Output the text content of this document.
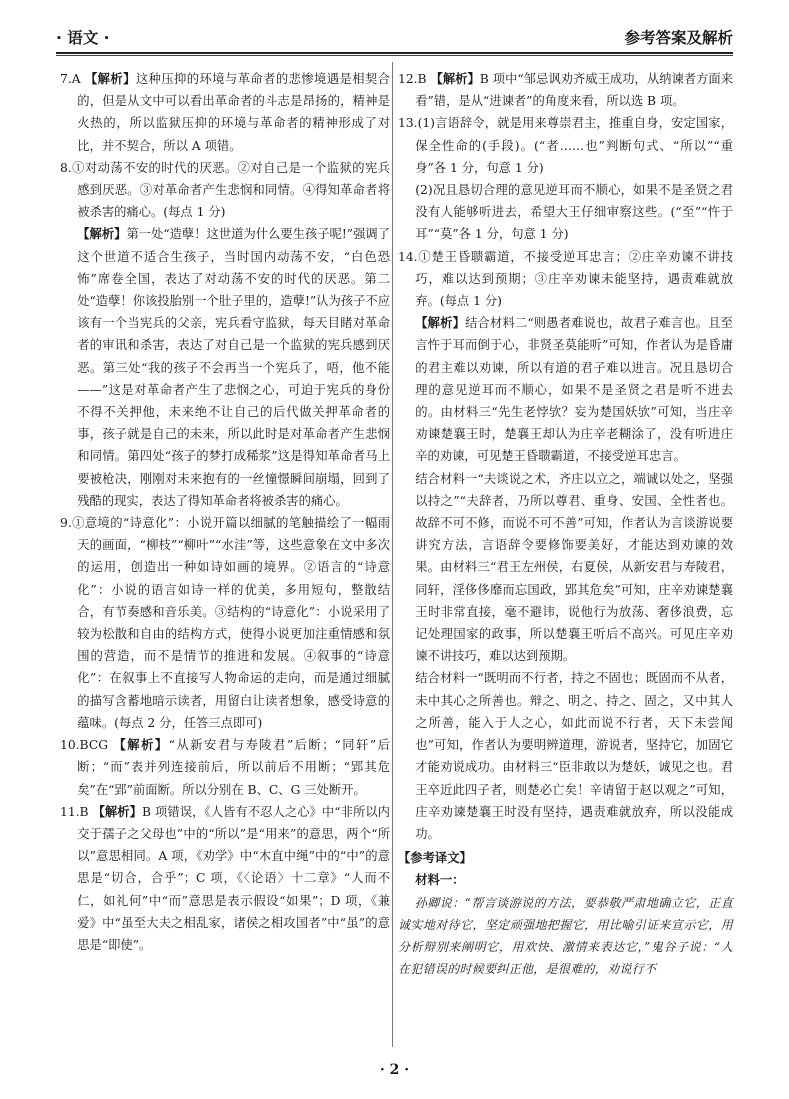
· 语文 ·	参考答案及解析

7.A 【解析】这种压抑的环境与革命者的悲惨境遇是相契合的，但是从文中可以看出革命者的斗志是昂扬的，精神是火热的，所以监狱压抑的环境与革命者的精神形成了对比，并不契合，所以 A 项错。

8.①对动荡不安的时代的厌恶。②对自己是一个监狱的宪兵感到厌恶。③对革命者产生悲悯和同情。④得知革命者将被杀害的痛心。(每点 1 分)

【解析】第一处“造孽！这世道为什么要生孩子呢!”强调了这个世道不适合生孩子，当时国内动荡不安，“白色恐怖”席卷全国，表达了对动荡不安的时代的厌恶。第二处“造孽！你该投胎别一个肚子里的，造孽!”认为孩子不应该有一个当宪兵的父亲，宪兵看守监狱，每天目睹对革命者的审讯和杀害，表达了对自己是一个监狱的宪兵感到厌恶。第三处“我的孩子不会再当一个宪兵了，唔，他不能——”这是对革命者产生了悲悯之心，可迫于宪兵的身份不得不关押他，未来绝不让自己的后代做关押革命者的事，孩子就是自己的未来，所以此时是对革命者产生悲悯和同情。第四处“孩子的梦打成稀浆”这是得知革命者马上要被枪决，刚刚对未来抱有的一丝憧憬瞬间崩塌，回到了残酷的现实，表达了得知革命者将被杀害的痛心。

9.①意境的“诗意化”：小说开篇以细腻的笔触描绘了一幅雨天的画面，“柳枝”“柳叶”“水洼”等，这些意象在文中多次的运用，创造出一种如诗如画的境界。②语言的“诗意化”：小说的语言如诗一样的优美，多用短句，整散结合，有节奏感和音乐美。③结构的“诗意化”：小说采用了较为松散和自由的结构方式，使得小说更加注重情感和氛围的营造，而不是情节的推进和发展。④叙事的“诗意化”：在叙事上不直接写人物命运的走向，而是通过细腻的描写含蓄地暗示读者，用留白让读者想象，感受诗意的蕴味。(每点 2 分，任答三点即可)

10.BCG 【解析】“从新安君与寿陵君”后断；“同轩”后断；“而”表并列连接前后，所以前后不用断；“郢其危矣”在“郢”前面断。所以分别在 B、C、G 三处断开。

11.B 【解析】B 项错误，《人皆有不忍人之心》中“非所以内交于孺子之父母也”中的“所以”是“用来”的意思，两个“所以”意思相同。A 项，《劝学》中“木直中绳”中的“中”的意思是“切合，合乎”；C 项，《〈论语〉十二章》“人而不仁，如礼何”中“而”意思是表示假设“如果”；D 项，《兼爱》中“虽至大夫之相乱家，诸侯之相攻国者”中“虽”的意思是“即使”。

12.B 【解析】B 项中“邹忌讽劝齐威王成功，从纳谏者方面来看”错，是从“进谏者”的角度来看，所以选 B 项。

13.(1)言语辞令，就是用来尊崇君主，推重自身，安定国家，保全性命的(手段)。(“者……也”判断句式、“所以”“重身”各 1 分，句意 1 分)

(2)况且恳切合理的意见逆耳而不顺心，如果不是圣贤之君没有人能够听进去，希望大王仔细审察这些。(“至”“忤于耳”“莫”各 1 分，句意 1 分)

14.①楚王昏聩霸道，不接受逆耳忠言；②庄辛劝谏不讲技巧，难以达到预期；③庄辛劝谏未能坚持，遇责难就放弃。(每点 1 分)

【解析】结合材料二“则愚者难说也，故君子难言也。且至言忤于耳而倒于心，非贤圣莫能听”可知，作者认为是昏庸的君主难以劝谏，所以有道的君子难以进言。况且恳切合理的意见逆耳而不顺心，如果不是圣贤之君是听不进去的。由材料三“先生老悖欤？妄为楚国妖欤”可知，当庄辛劝谏楚襄王时，楚襄王却认为庄辛老糊涂了，没有听进庄辛的劝谏，可见楚王昏聩霸道，不接受逆耳忠言。

结合材料一“夫谈说之术，齐庄以立之，端诚以处之，坚强以持之”“夫辞者，乃所以尊君、重身、安国、全性者也。故辞不可不修，而说不可不善”可知，作者认为言谈游说要讲究方法，言语辞令要修饰要美好，才能达到劝谏的效果。由材料三“君王左州侯，右夏侯，从新安君与寿陵君，同轩，淫侈侈靡而忘国政，郢其危矣”可知，庄辛劝谏楚襄王时非常直接，毫不避讳，说他行为放荡、奢侈浪费，忘记处理国家的政事，所以楚襄王听后不高兴。可见庄辛劝谏不讲技巧，难以达到预期。

结合材料一“既明而不行者，持之不固也；既固而不从者，未中其心之所善也。辩之、明之、持之、固之，又中其人之所善，能入于人之心，如此而说不行者，天下未尝闻也”可知，作者认为要明辨道理，游说者，坚持它，加固它才能劝说成功。由材料三“臣非敢以为楚妖，诚见之也。君王卒近此四子者，则楚必亡矣！辛请留于赵以观之”可知，庄辛劝谏楚襄王时没有坚持，遇责难就放弃，所以没能成功。

【参考译文】

材料一：

孙卿说：“帮言谈游说的方法，要恭敬严肃地确立它，正直诚实地对待它，坚定顽强地把握它，用比喻引证来宣示它，用分析辩别来阐明它，用欢快、激情来表达它，”鬼谷子说：“人在犯错误的时候要纠正他，是很难的，劝说行不

· 2 ·
